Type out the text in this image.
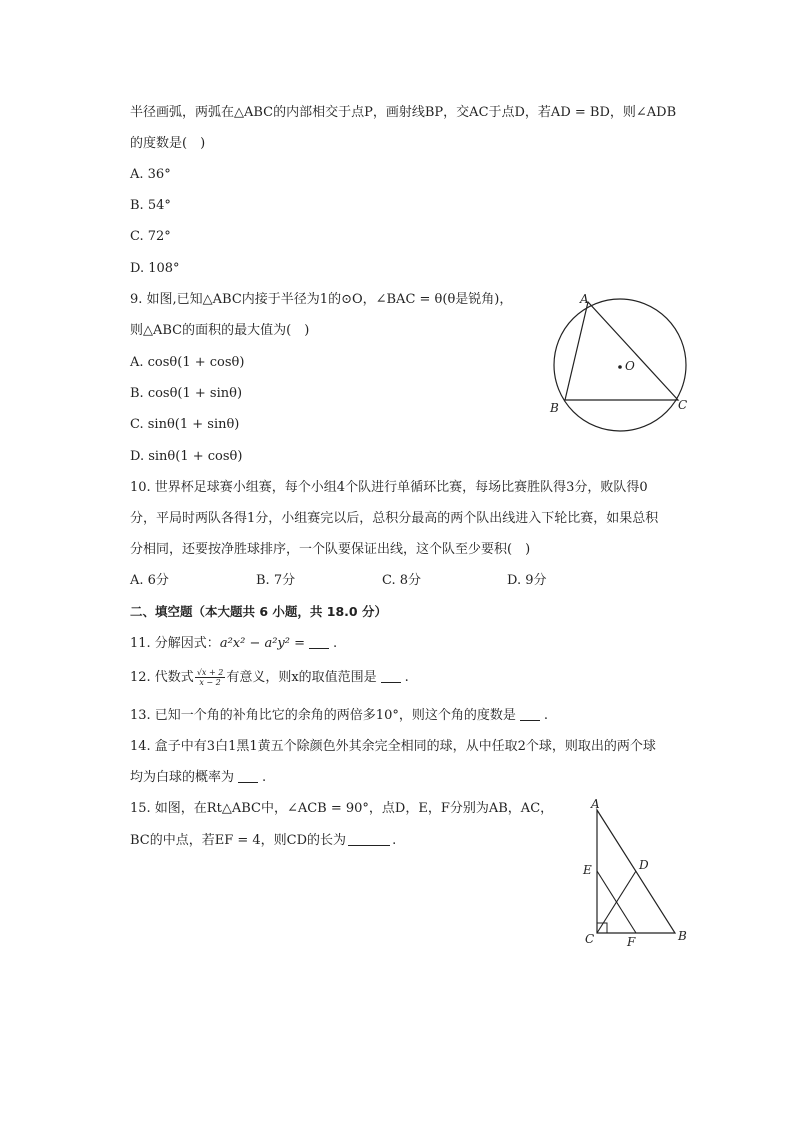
半径画弧，两弧在△ABC的内部相交于点P，画射线BP，交AC于点D，若AD = BD，则∠ADB
的度数是(　)
A. 36°
B. 54°
C. 72°
D. 108°
9. 如图,已知△ABC内接于半径为1的⊙O，∠BAC = θ(θ是锐角)，
则△ABC的面积的最大值为(　)
A. cosθ(1 + cosθ)
B. cosθ(1 + sinθ)
C. sinθ(1 + sinθ)
D. sinθ(1 + cosθ)
A
B	C
O
10. 世界杯足球赛小组赛，每个小组4个队进行单循环比赛，每场比赛胜队得3分，败队得0
分，平局时两队各得1分，小组赛完以后，总积分最高的两个队出线进入下轮比赛，如果总积
分相同，还要按净胜球排序，一个队要保证出线，这个队至少要积(　)
A. 6分	B. 7分	C. 8分	D. 9分
二、填空题（本大题共 6 小题，共 18.0 分）
11. 分解因式：a²x² − a²y² = .
12. 代数式 $\frac{√x + 2}{x - 2}$ 有意义，则x的取值范围是 .
13. 已知一个角的补角比它的余角的两倍多10°，则这个角的度数是 .
14. 盒子中有3白1黑1黄五个除颜色外其余完全相同的球，从中任取2个球，则取出的两个球
均为白球的概率为 .
15. 如图，在Rt△ABC中，∠ACB = 90°，点D，E，F分别为AB，AC，
BC的中点，若EF = 4，则CD的长为	.
A
E	D
C	F	B
